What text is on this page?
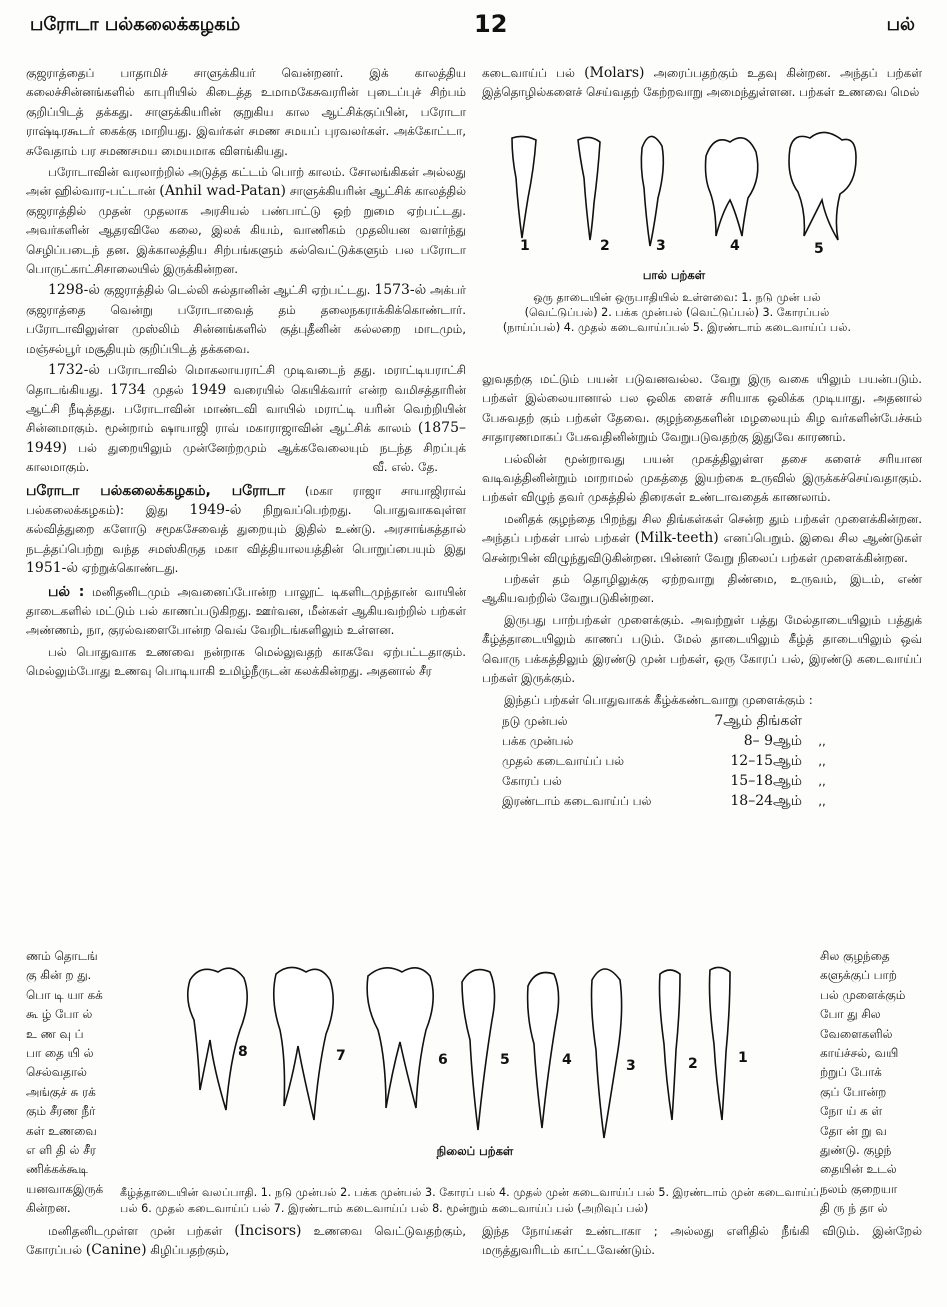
பரோடா பல்கலைக்கழகம்	12	பல்

குஜராத்தைப் பாதாமிச் சாளுக்கியர் வென்றனர். இக் காலத்திய கலைச்சின்னங்களில் காபுரியில் கிடைத்த உமாமகேசுவரரின் புடைப்புச் சிற்பம் குறிப்பிடத் தக்கது. சாளுக்கியரின் குறுகிய கால ஆட்சிக்குப்பின், பரோடா ராஷ்டிரகூடர் கைக்கு மாறியது. இவர்கள் சமண சமயப் புரவலர்கள். அக்கோட்டா, சுவேதாம் பர சமணசமய மையமாக விளங்கியது.

பரோடாவின் வரலாற்றில் அடுத்த கட்டம் பொற் காலம். சோலங்கிகள் அல்லது அன் ஹில்வார-பட்டான் (Anhil wad-Patan) சாளுக்கியரின் ஆட்சிக் காலத்தில் குஜராத்தில் முதன் முதலாக அரசியல் பண்பாட்டு ஒற் றுமை ஏற்பட்டது. அவர்களின் ஆதரவிலே கலை, இலக் கியம், வாணிகம் முதலியன வளர்ந்து செழிப்படைந் தன. இக்காலத்திய சிற்பங்களும் கல்வெட்டுக்களும் பல பரோடா பொருட்காட்சிசாலையில் இருக்கின்றன.

1298-ல் குஜராத்தில் டெல்லி சுல்தானின் ஆட்சி ஏற்பட்டது. 1573-ல் அக்பர் குஜராத்தை வென்று பரோடாவைத் தம் தலைநகராக்கிக்கொண்டார். பரோடாவிலுள்ள முஸ்லிம் சின்னங்களில் குத்புதீனின் கல்லறை மாடமும், மஞ்சல்பூர் மசூதியும் குறிப்பிடத் தக்கவை.

1732-ல் பரோடாவில் மொகலாயராட்சி முடிவடைந் தது. மராட்டியராட்சி தொடங்கியது. 1734 முதல் 1949 வரையில் கெயிக்வார் என்ற வமிசத்தாரின் ஆட்சி நீடித்தது. பரோடாவின் மாண்டவி வாயில் மராட்டி யரின் வெற்றியின் சின்னமாகும். மூன்றாம் ஷாயாஜி ராவ் மகாராஜாவின் ஆட்சிக் காலம் (1875–1949) பல் துறையிலும் முன்னேற்றமும் ஆக்கவேலையும் நடந்த சிறப்புக் காலமாகும்.	வீ. எல். தே.

பரோடா பல்கலைக்கழகம், பரோடா (மகா ராஜா சாயாஜிராவ் பல்கலைக்கழகம்): இது 1949-ல் நிறுவப்பெற்றது. பொதுவாகவுள்ள கல்வித்துறை களோடு சமூகசேவைத் துறையும் இதில் உண்டு. அரசாங்கத்தால் நடத்தப்பெற்று வந்த சமஸ்கிருத மகா வித்தியாலயத்தின் பொறுப்பையும் இது 1951-ல் ஏற்றுக்கொண்டது.

பல் : மனிதனிடமும் அவனைப்போன்ற பாலூட் டிகளிடமுந்தான் வாயின் தாடைகளில் மட்டும் பல் காணப்படுகிறது. ஊர்வன, மீன்கள் ஆகியவற்றில் பற்கள் அண்ணம், நா, குரல்வளைபோன்ற வெவ் வேறிடங்களிலும் உள்ளன.

பல் பொதுவாக உணவை நன்றாக மெல்லுவதற் காகவே ஏற்பட்டதாகும். மெல்லும்போது உணவு பொடியாகி உமிழ்நீருடன் கலக்கின்றது. அதனால் சீர

கடைவாய்ப் பல் (Molars) அரைப்பதற்கும் உதவு கின்றன. அந்தப் பற்கள் இத்தொழில்களைச் செய்வதற் கேற்றவாறு அமைந்துள்ளன. பற்கள் உணவை மெல்

1	2	3	4	5
பால் பற்கள்
ஒரு தாடையின் ஒருபாதியில் உள்ளவை: 1. நடு முன் பல் (வெட்டுப்பல்) 2. பக்க முன்பல் (வெட்டுப்பல்) 3. கோரப்பல் (நாய்ப்பல்) 4. முதல் கடைவாய்ப்பல் 5. இரண்டாம் கடைவாய்ப் பல்.

லுவதற்கு மட்டும் பயன் படுவனவல்ல. வேறு இரு வகை யிலும் பயன்படும். பற்கள் இல்லையானால் பல ஒலிக ளைச் சரியாக ஒலிக்க முடியாது. அதனால் பேசுவதற் கும் பற்கள் தேவை. குழந்தைகளின் மழலையும் கிழ வர்களின்பேச்சும் சாதாரணமாகப் பேசுவதினின்றும் வேறுபடுவதற்கு இதுவே காரணம்.

பல்லின் மூன்றாவது பயன் முகத்திலுள்ள தசை களைச் சரியான வடிவத்தினின்றும் மாறாமல் முகத்தை இயற்கை உருவில் இருக்கச்செய்வதாகும். பற்கள் விழுந் தவர் முகத்தில் திரைகள் உண்டாவதைக் காணலாம்.

மனிதக் குழந்தை பிறந்து சில திங்கள்கள் சென்ற தும் பற்கள் முளைக்கின்றன. அந்தப் பற்கள் பால் பற்கள் (Milk-teeth) எனப்பெறும். இவை சில ஆண்டுகள் சென்றபின் விழுந்துவிடுகின்றன. பின்னர் வேறு நிலைப் பற்கள் முளைக்கின்றன.

பற்கள் தம் தொழிலுக்கு ஏற்றவாறு திண்மை, உருவம், இடம், எண் ஆகியவற்றில் வேறுபடுகின்றன.

இருபது பாற்பற்கள் முளைக்கும். அவற்றுள் பத்து மேல்தாடையிலும் பத்துக் கீழ்த்தாடையிலும் காணப் படும். மேல் தாடையிலும் கீழ்த் தாடையிலும் ஒவ் வொரு பக்கத்திலும் இரண்டு முன் பற்கள், ஒரு கோரப் பல், இரண்டு கடைவாய்ப் பற்கள் இருக்கும்.

இந்தப் பற்கள் பொதுவாகக் கீழ்க்கண்டவாறு முளைக்கும் :

நடு முன்பல்	7ஆம் திங்கள்	
பக்க முன்பல்	8– 9ஆம்	,,
முதல் கடைவாய்ப் பல்	12–15ஆம்	,,
கோரப் பல்	15–18ஆம்	,,
இரண்டாம் கடைவாய்ப் பல்	18–24ஆம்	,,
ணம் தொடங்
கு கின் ற து.
பொ டி யா கக்
கூ ழ் போ ல்
உ ண வு ப்
பா தை யி ல்
செல்வதால்
அங்குச் சு ரக்
கும் சீரண நீர்
கள் உணவை
எ ளி தி ல் சீர
ணிக்கக்கூடி
யனவாகஇருக்
கின்றன.
சில குழந்தை
களுக்குப் பாற்
பல் முளைக்கும்
போ து சில
வேளைகளில்
காய்ச்சல், வயி
ற்றுப் போக்
குப் போன்ற
நோ ய் க ள்
தோ ன் று வ
துண்டு. குழந்
தையின் உடல்
நலம் குறையா
தி ரு ந் தா ல்
8	7	6	5	4	3	2	1
நிலைப் பற்கள்
கீழ்த்தாடையின் வலப்பாதி. 1. நடு முன்பல் 2. பக்க முன்பல் 3. கோரப் பல் 4. முதல் முன் கடைவாய்ப் பல் 5. இரண்டாம் முன் கடைவாய்ப் பல் 6. முதல் கடைவாய்ப் பல் 7. இரண்டாம் கடைவாய்ப் பல் 8. மூன்றும் கடைவாய்ப் பல் (அறிவுப் பல்)

மனிதனிடமுள்ள முன் பற்கள் (Incisors) உணவை வெட்டுவதற்கும், கோரப்பல் (Canine) கிழிப்பதற்கும்,

இந்த நோய்கள் உண்டாகா ; அல்லது எளிதில் நீங்கி விடும். இன்றேல் மருத்துவரிடம் காட்டவேண்டும்.
